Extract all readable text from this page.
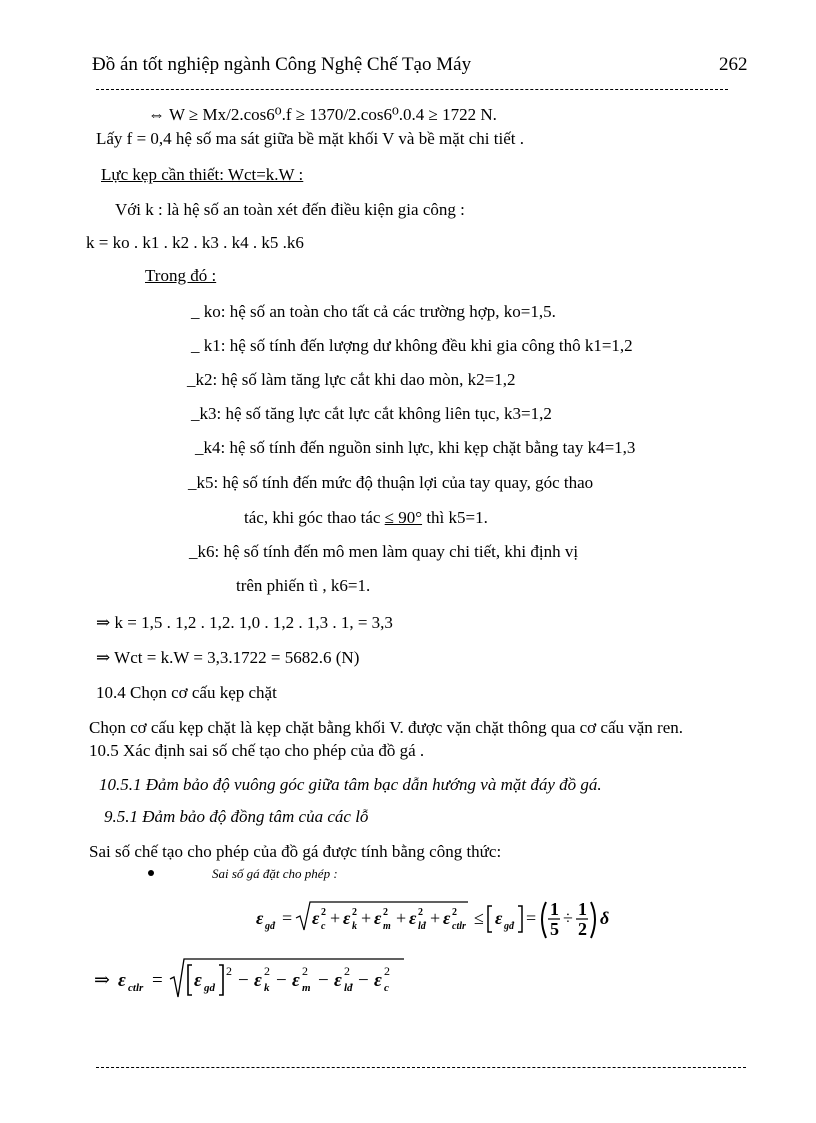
Đồ án tốt nghiệp ngành Công Nghệ Chế Tạo Máy	262
⇔ W ≥ Mx/2.cos6⁰.f ≥ 1370/2.cos6⁰.0.4 ≥ 1722 N.
Lấy f = 0,4 hệ số ma sát giữa bề mặt khối V và bề mặt chi tiết .
Lực kẹp cần thiết: Wct=k.W :
Với k : là hệ số an toàn xét đến điều kiện gia công :
k = ko . k1 . k2 . k3 . k4 . k5 .k6
Trong đó :
_ ko: hệ số an toàn cho tất cả các trường hợp, ko=1,5.
_ k1: hệ số tính đến lượng dư không đều khi gia công thô k1=1,2
_k2: hệ số làm tăng lực cắt khi dao mòn, k2=1,2
_k3: hệ số tăng lực cắt lực cắt không liên tục, k3=1,2
_k4: hệ số tính đến nguồn sinh lực, khi kẹp chặt bằng tay k4=1,3
_k5: hệ số tính đến mức độ thuận lợi của tay quay, góc thao
tác, khi góc thao tác ≤ 90° thì k5=1.
_k6: hệ số tính đến mô men làm quay chi tiết, khi định vị
trên phiến tì , k6=1.
⇒ k = 1,5 . 1,2 . 1,2. 1,0 . 1,2 . 1,3 . 1, = 3,3
⇒ Wct = k.W = 3,3.1722 = 5682.6 (N)
10.4 Chọn cơ cấu kẹp chặt
Chọn cơ cấu kẹp chặt là kẹp chặt bằng khối V. được vặn chặt thông qua cơ cấu vặn ren.
10.5 Xác định sai số chế tạo cho phép của đồ gá .
10.5.1 Đảm bảo độ vuông góc giữa tâm bạc dẫn hướng và mặt đáy đồ gá.
9.5.1 Đảm bảo độ đồng tâm của các lỗ
Sai số chế tạo cho phép của đồ gá được tính bằng công thức:
Sai số gá đặt cho phép :
ε gđ = ε c
2 + ε k
2 + ε m
2 + ε lđ
2 + ε ctlr
2 ≤ ε gđ = 1
5
÷ 1
2
δ
⇒ ε ctlr = ε gd
2 − ε k
2 − ε m
2 − ε lđ
2 − ε c
2
